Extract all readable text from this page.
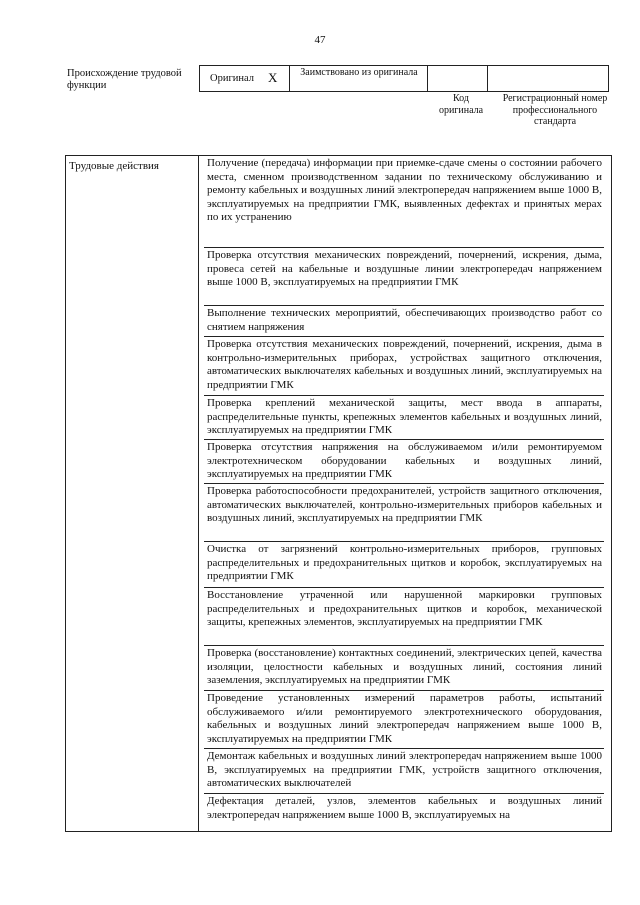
47
Происхождение трудовой функции
Оригинал X	Заимствовано из оригинала
Код оригинала
Регистрационный номер профессионального стандарта
Трудовые действия	Получение (передача) информации при приемке-сдаче смены о состоянии рабочего места, сменном производственном задании по техническому обслуживанию и ремонту кабельных и воздушных линий электропередач напряжением выше 1000 В, эксплуатируемых на предприятии ГМК, выявленных дефектах и принятых мерах по их устранению
Проверка отсутствия механических повреждений, почернений, искрения, дыма, провеса сетей на кабельные и воздушные линии электропередач напряжением выше 1000 В, эксплуатируемых на предприятии ГМК
Выполнение технических мероприятий, обеспечивающих производство работ со снятием напряжения
Проверка отсутствия механических повреждений, почернений, искрения, дыма в контрольно-измерительных приборах, устройствах защитного отключения, автоматических выключателях кабельных и воздушных линий, эксплуатируемых на предприятии ГМК
Проверка креплений механической защиты, мест ввода в аппараты, распределительные пункты, крепежных элементов кабельных и воздушных линий, эксплуатируемых на предприятии ГМК
Проверка отсутствия напряжения на обслуживаемом и/или ремонтируемом электротехническом оборудовании кабельных и воздушных линий, эксплуатируемых на предприятии ГМК
Проверка работоспособности предохранителей, устройств защитного отключения, автоматических выключателей, контрольно-измерительных приборов кабельных и воздушных линий, эксплуатируемых на предприятии ГМК
Очистка от загрязнений контрольно-измерительных приборов, групповых распределительных и предохранительных щитков и коробок, эксплуатируемых на предприятии ГМК
Восстановление утраченной или нарушенной маркировки групповых распределительных и предохранительных щитков и коробок, механической защиты, крепежных элементов, эксплуатируемых на предприятии ГМК
Проверка (восстановление) контактных соединений, электрических цепей, качества изоляции, целостности кабельных и воздушных линий, состояния линий заземления, эксплуатируемых на предприятии ГМК
Проведение установленных измерений параметров работы, испытаний обслуживаемого и/или ремонтируемого электротехнического оборудования, кабельных и воздушных линий электропередач напряжением выше 1000 В, эксплуатируемых на предприятии ГМК
Демонтаж кабельных и воздушных линий электропередач напряжением выше 1000 В, эксплуатируемых на предприятии ГМК, устройств защитного отключения, автоматических выключателей
Дефектация деталей, узлов, элементов кабельных и воздушных линий электропередач напряжением выше 1000 В, эксплуатируемых на
